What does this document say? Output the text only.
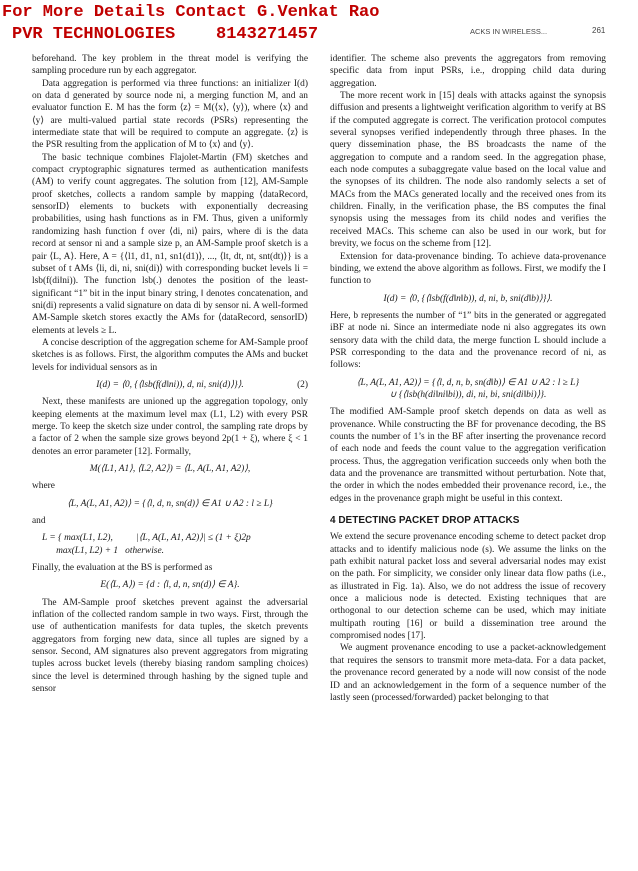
For More Details Contact G.Venkat Rao
PVR TECHNOLOGIES    8143271457	ACKS IN WIRELESS...	261

beforehand. The key problem in the threat model is verifying the sampling procedure run by each aggregator.

Data aggregation is performed via three functions: an initializer I(d) on data d generated by source node ni, a merging function M, and an evaluator function E. M has the form ⟨z⟩ = M(⟨x⟩, ⟨y⟩), where ⟨x⟩ and ⟨y⟩ are multi-valued partial state records (PSRs) representing the intermediate state that will be required to compute an aggregate. ⟨z⟩ is the PSR resulting from the application of M to ⟨x⟩ and ⟨y⟩.

The basic technique combines Flajolet-Martin (FM) sketches and compact cryptographic signatures termed as authentication manifests (AM) to verify count aggregates. The solution from [12], AM-Sample proof sketches, collects a random sample by mapping ⟨dataRecord, sensorID⟩ elements to buckets with exponentially decreasing probabilities, using hash functions as in FM. Thus, given a uniformly randomizing hash function f over ⟨di, ni⟩ pairs, where di is the data record at sensor ni and a sample size p, an AM-Sample proof sketch is a pair ⟨L, A⟩. Here, A = {⟨l1, d1, n1, sn1(d1)⟩, ..., ⟨lt, dt, nt, snt(dt)⟩} is a subset of t AMs ⟨li, di, ni, sni(di)⟩ with corresponding bucket levels li = lsb(f(di‖ni)). The function lsb(.) denotes the position of the least-significant “1” bit in the input binary string, ‖ denotes concatenation, and sni(di) represents a valid signature on data di by sensor ni. A well-formed AM-Sample sketch stores exactly the AMs for ⟨dataRecord, sensorID⟩ elements at levels ≥ L.

A concise description of the aggregation scheme for AM-Sample proof sketches is as follows. First, the algorithm computes the AMs and bucket levels for individual sensors as in

I(d) = ⟨0, {⟨lsb(f(d‖ni)), d, ni, sni(d)⟩}⟩.	(2)

Next, these manifests are unioned up the aggregation topology, only keeping elements at the maximum level max (L1, L2) with every PSR merge. To keep the sketch size under control, the sampling rate drops by a factor of 2 when the sample size grows beyond 2p(1 + ξ), where ξ < 1 denotes an error parameter [12]. Formally,

M(⟨L1, A1⟩, ⟨L2, A2⟩) = ⟨L, A(L, A1, A2)⟩,

where

⟨L, A(L, A1, A2)⟩ = {⟨l, d, n, sn(d)⟩ ∈ A1 ∪ A2 : l ≥ L}

and

L = { max(L1, L2),          |⟨L, A(L, A1, A2)⟩| ≤ (1 + ξ)2p
max(L1, L2) + 1   otherwise.

Finally, the evaluation at the BS is performed as

E(⟨L, A⟩) = {d : ⟨l, d, n, sn(d)⟩ ∈ A}.

The AM-Sample proof sketches prevent against the adversarial inflation of the collected random sample in two ways. First, through the use of authentication manifests for data tuples, the sketch prevents aggregators from forging new data, since all tuples are signed by a sensor. Second, AM signatures also prevent aggregators from migrating tuples across bucket levels (thereby biasing random sampling choices) since the level is determined through hashing by the signed tuple and sensor

identifier. The scheme also prevents the aggregators from removing specific data from input PSRs, i.e., dropping child data during aggregation.

The more recent work in [15] deals with attacks against the synopsis diffusion and presents a lightweight verification algorithm to verify at BS if the computed aggregate is correct. The verification protocol computes several synopses verified independently through three phases. In the query dissemination phase, the BS broadcasts the name of the aggregation to compute and a random seed. In the aggregation phase, each node computes a subaggregate value based on the local value and the synopses of its children. The node also randomly selects a set of MACs from the MACs generated locally and the received ones from its children. Finally, in the verification phase, the BS computes the final synopsis using the messages from its child nodes and verifies the received MACs. This scheme can also be used in our work, but for brevity, we focus on the scheme from [12].

Extension for data-provenance binding. To achieve data-provenance binding, we extend the above algorithm as follows. First, we modify the I function to

I(d) = ⟨0, {⟨lsb(f(d‖n‖b)), d, ni, b, sni(d‖b)⟩}⟩.

Here, b represents the number of “1” bits in the generated or aggregated iBF at node ni. Since an intermediate node ni also aggregates its own sensory data with the child data, the merge function L should include a PSR corresponding to the data and the provenance record of ni, as follows:

⟨L, A(L, A1, A2)⟩ = {⟨l, d, n, b, sn(d‖b)⟩ ∈ A1 ∪ A2 : l ≥ L}
∪ {⟨lsb(h(di‖ni‖bi)), di, ni, bi, sni(di‖bi)⟩}.

The modified AM-Sample proof sketch depends on data as well as provenance. While constructing the BF for provenance decoding, the BS counts the number of 1’s in the BF after inserting the provenance record of each node and feeds the count value to the aggregation verification process. Thus, the aggregation verification succeeds only when both the data and the provenance are transmitted without perturbation. Note that, the order in which the nodes embedded their provenance record, i.e., the edges in the provenance graph might be useful in this context.

4 DETECTING PACKET DROP ATTACKS

We extend the secure provenance encoding scheme to detect packet drop attacks and to identify malicious node (s). We assume the links on the path exhibit natural packet loss and several adversarial nodes may exist on the path. For simplicity, we consider only linear data flow paths (i.e., as illustrated in Fig. 1a). Also, we do not address the issue of recovery once a malicious node is detected. Existing techniques that are orthogonal to our detection scheme can be used, which may initiate multipath routing [16] or build a dissemination tree around the compromised nodes [17].

We augment provenance encoding to use a packet-acknowledgement that requires the sensors to transmit more meta-data. For a data packet, the provenance record generated by a node will now consist of the node ID and an acknowledgement in the form of a sequence number of the lastly seen (processed/forwarded) packet belonging to that
